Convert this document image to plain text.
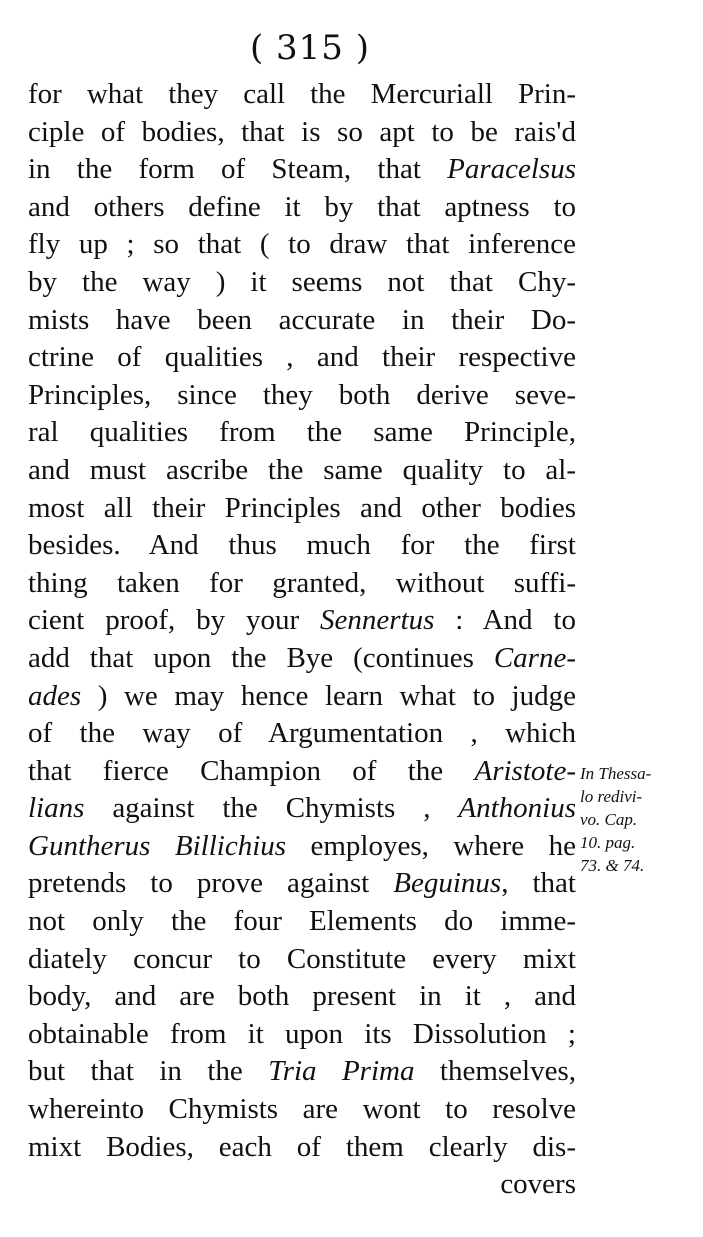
( 315 )
for what they call the Mercuriall Prin-
ciple of bodies, that is so apt to be rais'd
in the form of Steam, that Paracelsus
and others define it by that aptness to
fly up ; so that ( to draw that inference
by the way ) it seems not that Chy-
mists have been accurate in their Do-
ctrine of qualities , and their respective
Principles, since they both derive seve-
ral qualities from the same Principle,
and must ascribe the same quality to al-
most all their Principles and other bodies
besides. And thus much for the first
thing taken for granted, without suffi-
cient proof, by your Sennertus : And to
add that upon the Bye (continues Carne-
ades ) we may hence learn what to judge
of the way of Argumentation , which
that fierce Champion of the Aristote-
lians against the Chymists , Anthonius
Guntherus Billichius employes, where he
pretends to prove against Beguinus, that
not only the four Elements do imme-
diately concur to Constitute every mixt
body, and are both present in it , and
obtainable from it upon its Dissolution ;
but that in the Tria Prima themselves,
whereinto Chymists are wont to resolve
mixt Bodies, each of them clearly dis-
covers
In Thessa-
lo redivi-
vo. Cap.
10. pag.
73. & 74.
